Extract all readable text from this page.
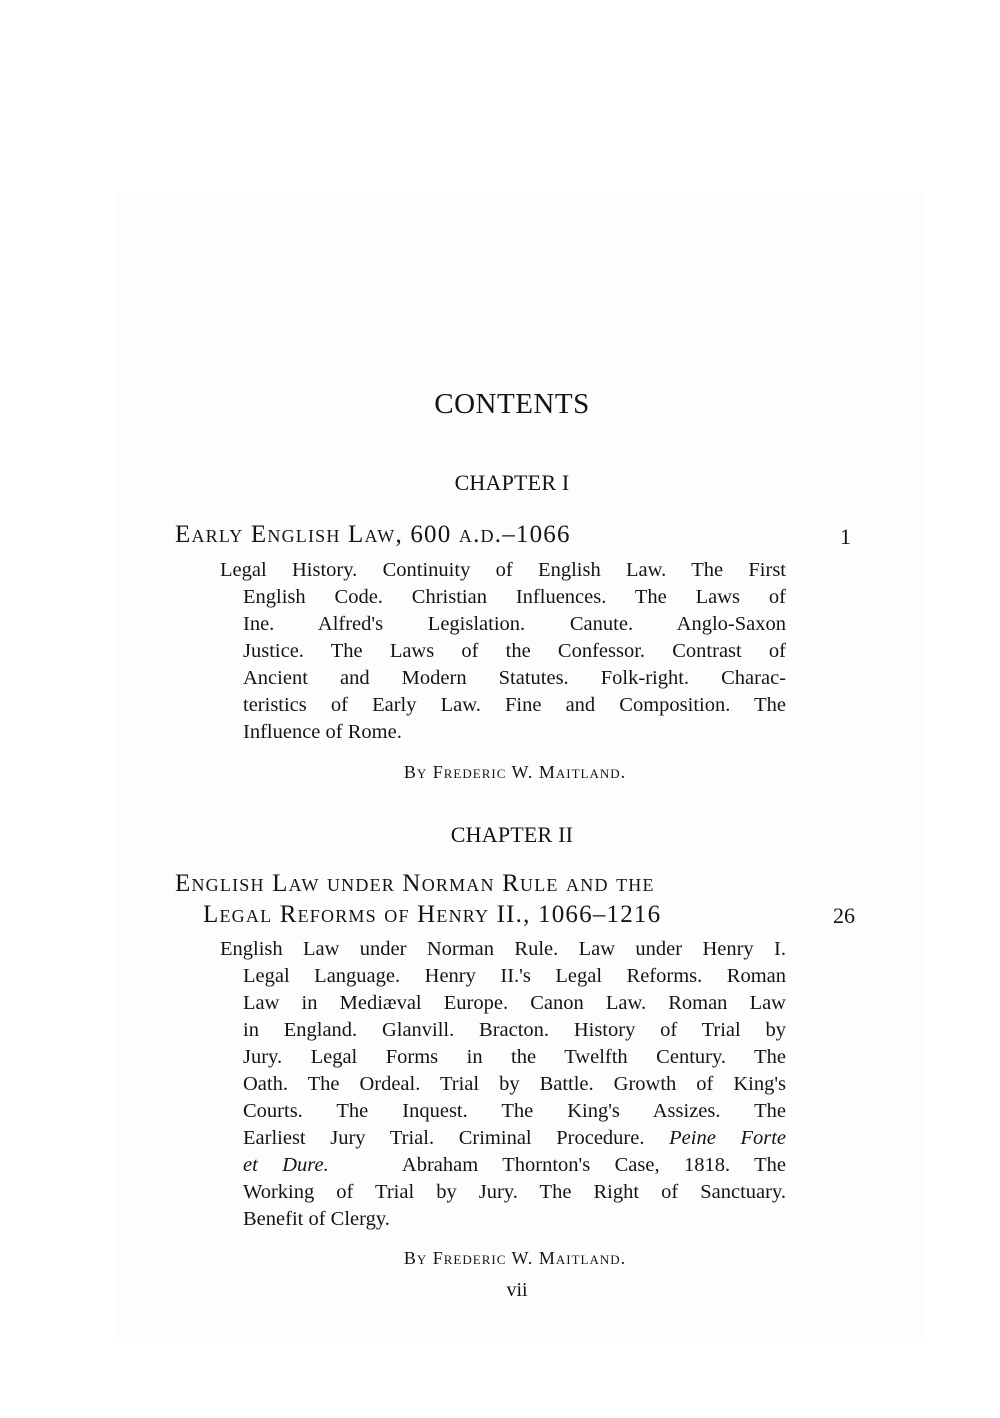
CONTENTS
CHAPTER I
Early English Law, 600 a.d.–1066	1
Legal History. Continuity of English Law. The First
English Code. Christian Influences. The Laws of
Ine. Alfred's Legislation. Canute. Anglo-Saxon
Justice. The Laws of the Confessor. Contrast of
Ancient and Modern Statutes. Folk-right. Charac-
teristics of Early Law. Fine and Composition. The
Influence of Rome.
By Frederic W. Maitland.
CHAPTER II
English Law under Norman Rule and the
Legal Reforms of Henry II., 1066–1216	26
English Law under Norman Rule. Law under Henry I.
Legal Language. Henry II.'s Legal Reforms. Roman
Law in Mediæval Europe. Canon Law. Roman Law
in England. Glanvill. Bracton. History of Trial by
Jury. Legal Forms in the Twelfth Century. The
Oath. The Ordeal. Trial by Battle. Growth of King's
Courts. The Inquest. The King's Assizes. The
Earliest Jury Trial. Criminal Procedure. Peine Forte
et Dure.	Abraham Thornton's Case, 1818. The
Working of Trial by Jury. The Right of Sanctuary.
Benefit of Clergy.
By Frederic W. Maitland.
vii
